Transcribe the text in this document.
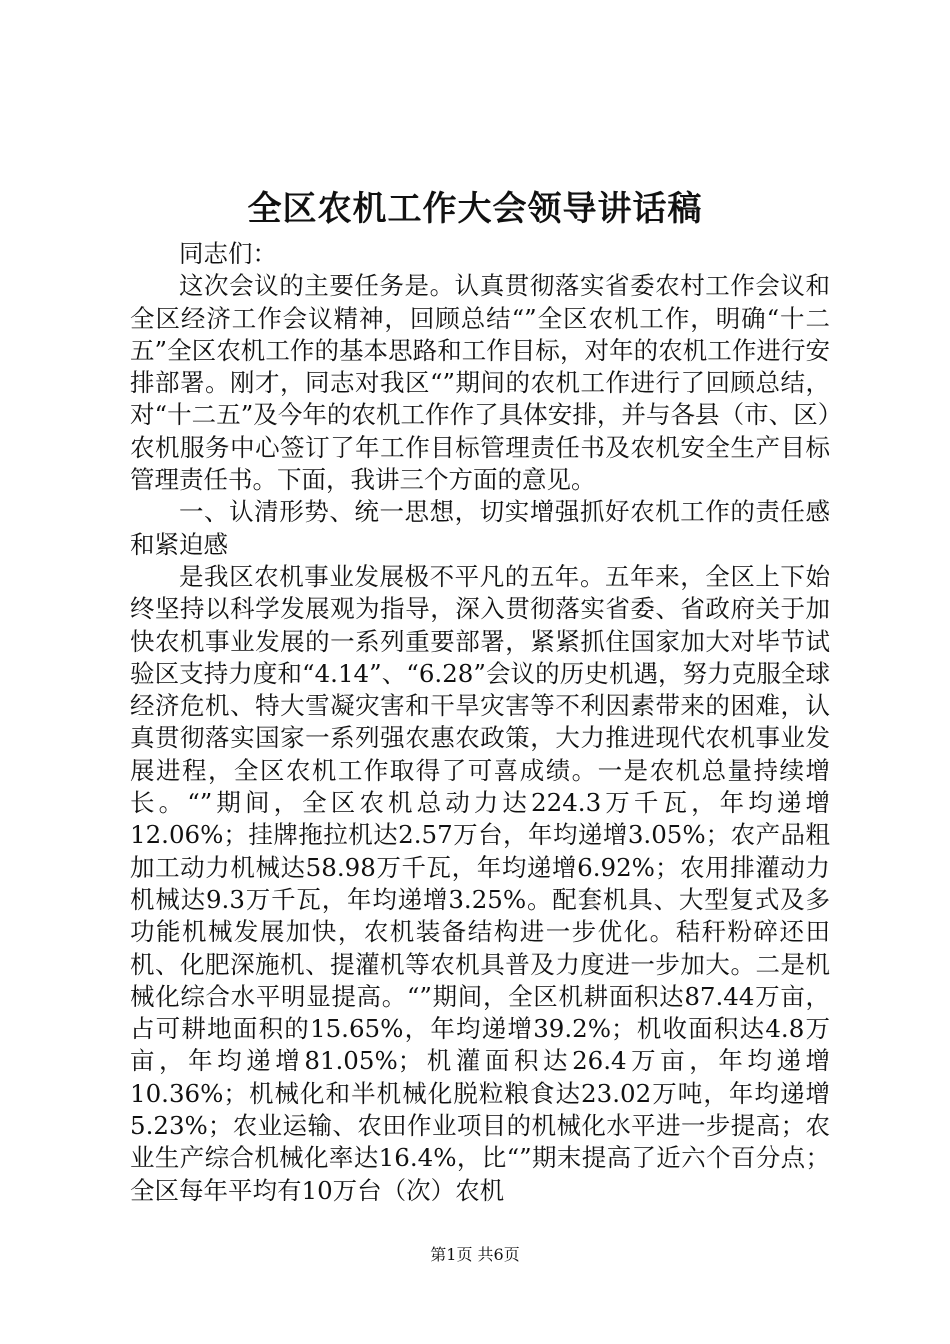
全区农机工作大会领导讲话稿

同志们：

这次会议的主要任务是。认真贯彻落实省委农村工作会议和全区经济工作会议精神，回顾总结“”全区农机工作，明确“十二五”全区农机工作的基本思路和工作目标，对年的农机工作进行安排部署。刚才，同志对我区“”期间的农机工作进行了回顾总结，对“十二五”及今年的农机工作作了具体安排，并与各县（市、区）农机服务中心签订了年工作目标管理责任书及农机安全生产目标管理责任书。下面，我讲三个方面的意见。

一、认清形势、统一思想，切实增强抓好农机工作的责任感和紧迫感

是我区农机事业发展极不平凡的五年。五年来，全区上下始终坚持以科学发展观为指导，深入贯彻落实省委、省政府关于加快农机事业发展的一系列重要部署，紧紧抓住国家加大对毕节试验区支持力度和“4.14”、“6.28”会议的历史机遇，努力克服全球经济危机、特大雪凝灾害和干旱灾害等不利因素带来的困难，认真贯彻落实国家一系列强农惠农政策，大力推进现代农机事业发展进程，全区农机工作取得了可喜成绩。一是农机总量持续增长。“”期间，全区农机总动力达224.3万千瓦，年均递增12.06%；挂牌拖拉机达2.57万台，年均递增3.05%；农产品粗加工动力机械达58.98万千瓦，年均递增6.92%；农用排灌动力机械达9.3万千瓦，年均递增3.25%。配套机具、大型复式及多功能机械发展加快，农机装备结构进一步优化。秸秆粉碎还田机、化肥深施机、提灌机等农机具普及力度进一步加大。二是机械化综合水平明显提高。“”期间，全区机耕面积达87.44万亩，占可耕地面积的15.65%，年均递增39.2%；机收面积达4.8万亩，年均递增81.05%；机灌面积达26.4万亩，年均递增10.36%；机械化和半机械化脱粒粮食达23.02万吨，年均递增5.23%；农业运输、农田作业项目的机械化水平进一步提高；农业生产综合机械化率达16.4%，比“”期末提高了近六个百分点；全区每年平均有10万台（次）农机

第1页 共6页
